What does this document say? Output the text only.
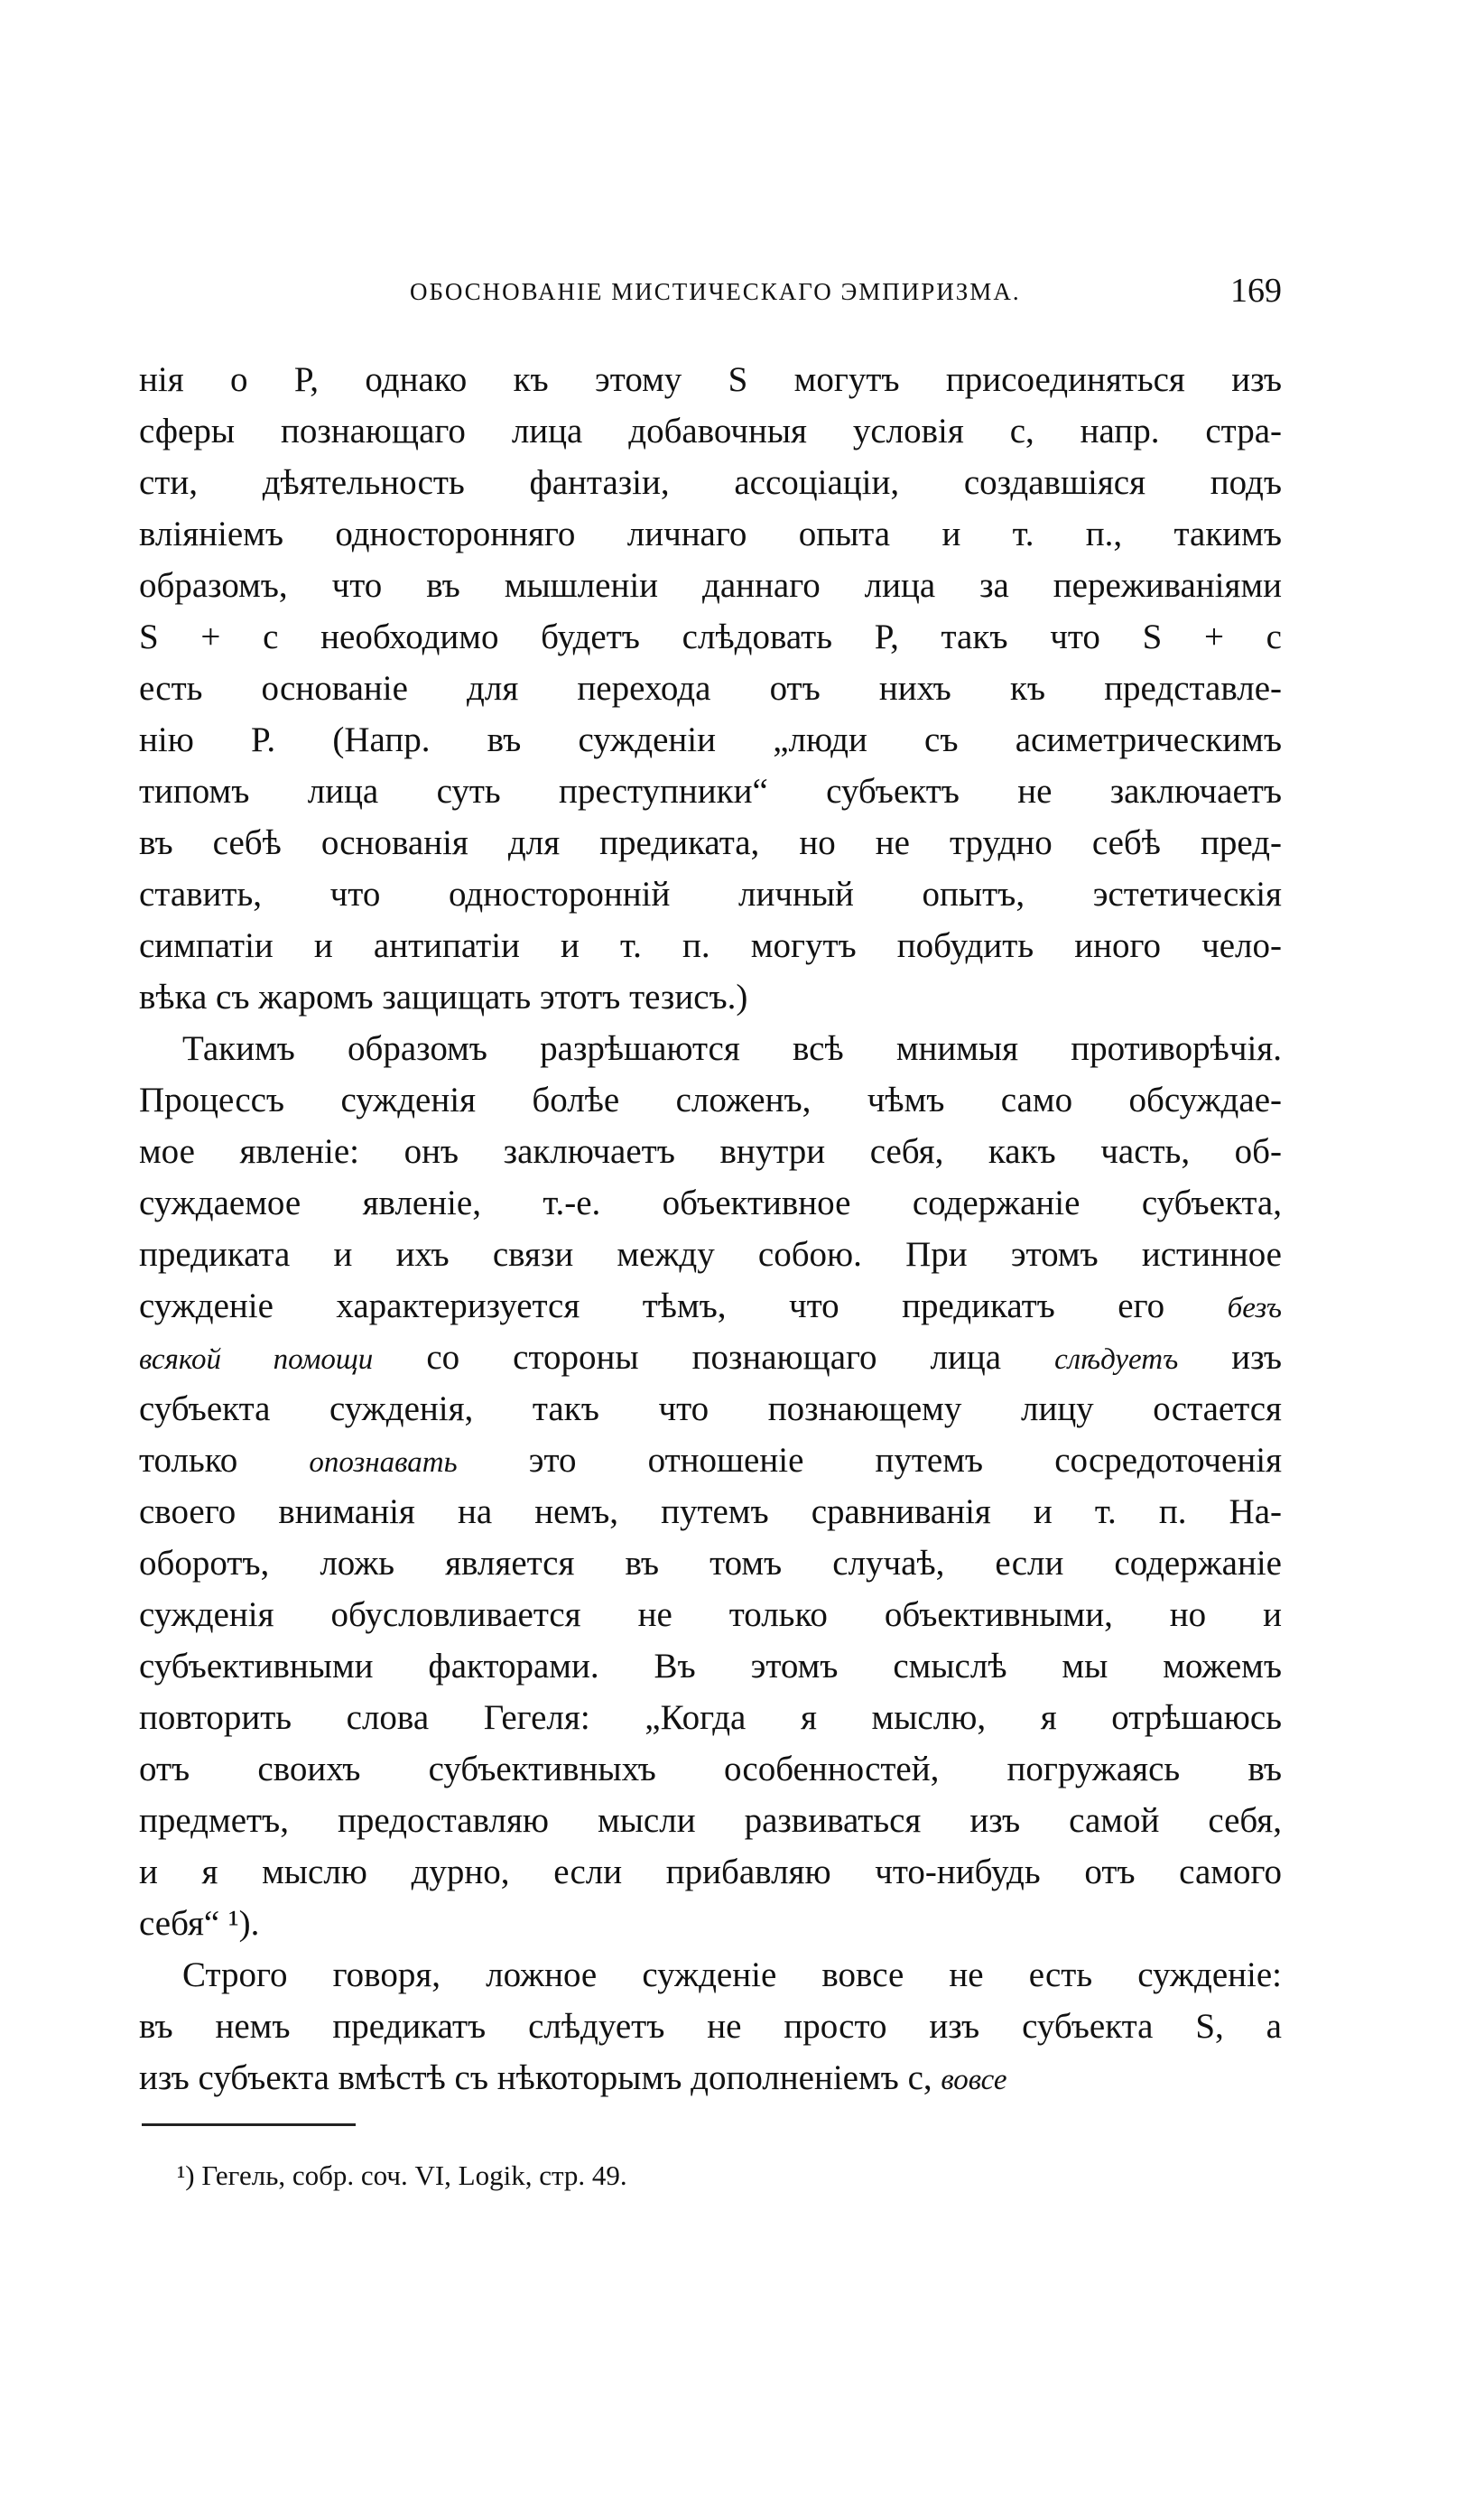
ОБОСНОВАНІЕ МИСТИЧЕСКАГО ЭМПИРИЗМА.	169
нія о P, однако къ этому S могутъ присоединяться изъ
сферы познающаго лица добавочныя условія c, напр. стра-
сти, дѣятельность фантазіи, ассоціаціи, создавшіяся подъ
вліяніемъ односторонняго личнаго опыта и т. п., такимъ
образомъ, что въ мышленіи даннаго лица за переживаніями
S + c необходимо будетъ слѣдовать P, такъ что S + c
есть основаніе для перехода отъ нихъ къ представле-
нію P. (Напр. въ сужденіи „люди съ асиметрическимъ
типомъ лица суть преступники“ субъектъ не заключаетъ
въ себѣ основанія для предиката, но не трудно себѣ пред-
ставить, что односторонній личный опытъ, эстетическія
симпатіи и антипатіи и т. п. могутъ побудить иного чело-
вѣка съ жаромъ защищать этотъ тезисъ.)
Такимъ образомъ разрѣшаются всѣ мнимыя противорѣчія.
Процессъ сужденія болѣе сложенъ, чѣмъ само обсуждае-
мое явленіе: онъ заключаетъ внутри себя, какъ часть, об-
суждаемое явленіе, т.-е. объективное содержаніе субъекта,
предиката и ихъ связи между собою. При этомъ истинное
сужденіе характеризуется тѣмъ, что предикатъ его безъ
всякой помощи со стороны познающаго лица слѣдуетъ изъ
субъекта сужденія, такъ что познающему лицу остается
только опознавать это отношеніе путемъ сосредоточенія
своего вниманія на немъ, путемъ сравниванія и т. п. На-
оборотъ, ложь является въ томъ случаѣ, если содержаніе
сужденія обусловливается не только объективными, но и
субъективными факторами. Въ этомъ смыслѣ мы можемъ
повторить слова Гегеля: „Когда я мыслю, я отрѣшаюсь
отъ своихъ субъективныхъ особенностей, погружаясь въ
предметъ, предоставляю мысли развиваться изъ самой себя,
и я мыслю дурно, если прибавляю что-нибудь отъ самого
себя“ ¹).
Строго говоря, ложное сужденіе вовсе не есть сужденіе:
въ немъ предикатъ слѣдуетъ не просто изъ субъекта S, а
изъ субъекта вмѣстѣ съ нѣкоторымъ дополненіемъ c, вовсе
¹) Гегель, собр. соч. VI, Logik, стр. 49.
